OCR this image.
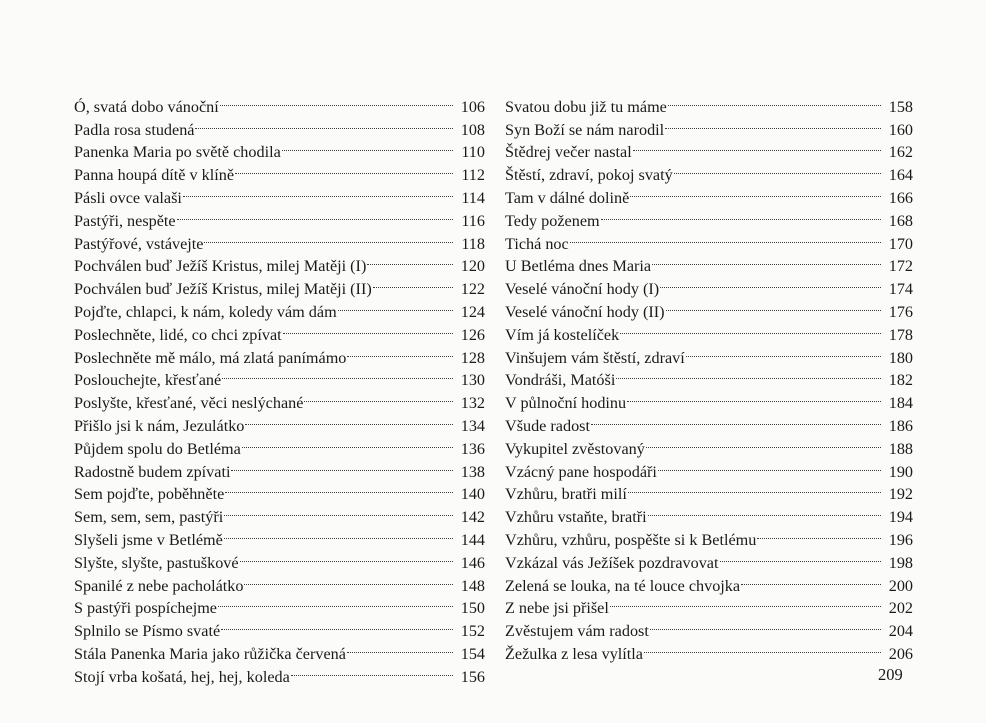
Ó, svatá dobo vánoční	106
Padla rosa studená	108
Panenka Maria po světě chodila	110
Panna houpá dítě v klíně	112
Pásli ovce valaši	114
Pastýři, nespěte	116
Pastýřové, vstávejte	118
Pochválen buď Ježíš Kristus, milej Matěji (I)	120
Pochválen buď Ježíš Kristus, milej Matěji (II)	122
Pojďte, chlapci, k nám, koledy vám dám	124
Poslechněte, lidé, co chci zpívat	126
Poslechněte mě málo, má zlatá panímámo	128
Poslouchejte, křesťané	130
Poslyšte, křesťané, věci neslýchané	132
Přišlo jsi k nám, Jezulátko	134
Půjdem spolu do Betléma	136
Radostně budem zpívati	138
Sem pojďte, poběhněte	140
Sem, sem, sem, pastýři	142
Slyšeli jsme v Betlémě	144
Slyšte, slyšte, pastuškové	146
Spanilé z nebe pacholátko	148
S pastýři pospíchejme	150
Splnilo se Písmo svaté	152
Stála Panenka Maria jako růžička červená	154
Stojí vrba košatá, hej, hej, koleda	156
Svatou dobu již tu máme	158
Syn Boží se nám narodil	160
Štědrej večer nastal	162
Štěstí, zdraví, pokoj svatý	164
Tam v dálné dolině	166
Tedy poženem	168
Tichá noc	170
U Betléma dnes Maria	172
Veselé vánoční hody (I)	174
Veselé vánoční hody (II)	176
Vím já kostelíček	178
Vinšujem vám štěstí, zdraví	180
Vondráši, Matóši	182
V půlnoční hodinu	184
Všude radost	186
Vykupitel zvěstovaný	188
Vzácný pane hospodáři	190
Vzhůru, bratři milí	192
Vzhůru vstaňte, bratři	194
Vzhůru, vzhůru, pospěšte si k Betlému	196
Vzkázal vás Ježíšek pozdravovat	198
Zelená se louka, na té louce chvojka	200
Z nebe jsi přišel	202
Zvěstujem vám radost	204
Žežulka z lesa vylítla	206
209
